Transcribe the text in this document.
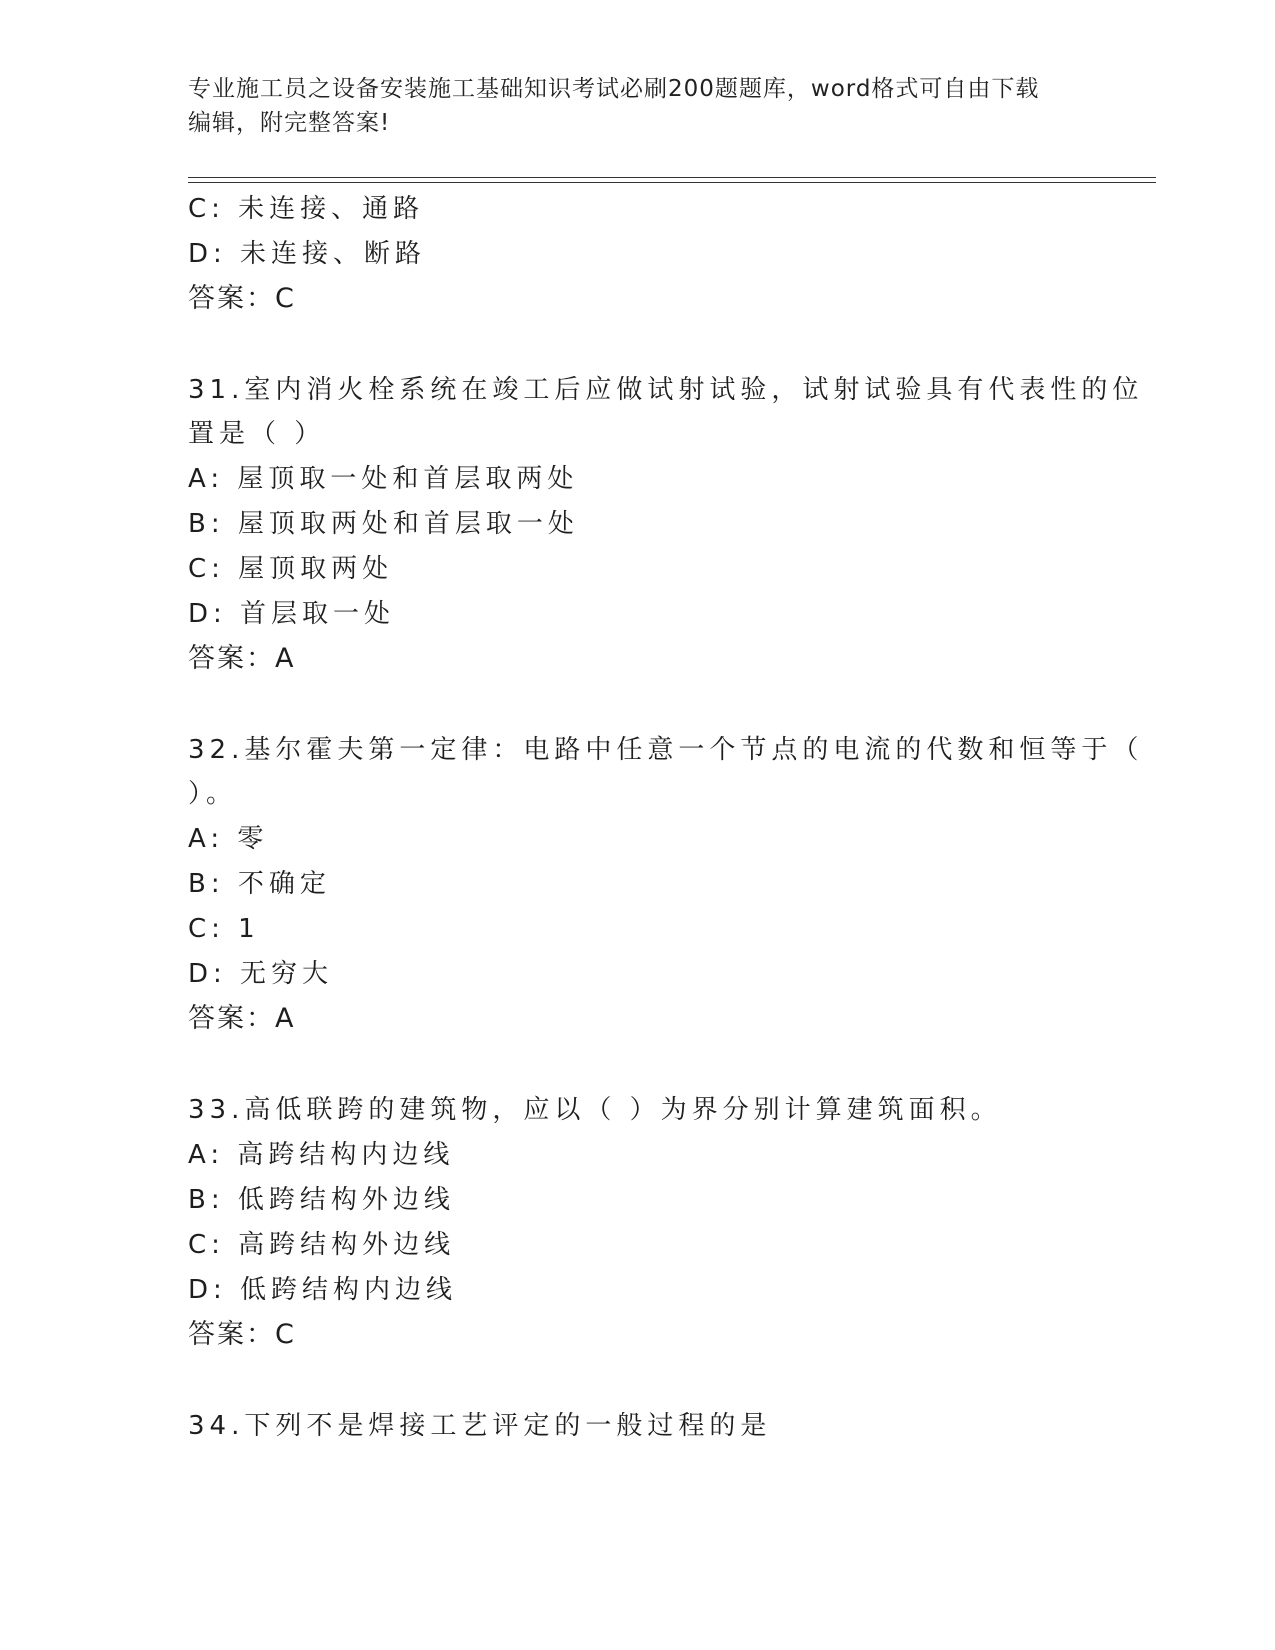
专业施工员之设备安装施工基础知识考试必刷200题题库，word格式可自由下载
编辑，附完整答案!
C: 未连接、通路
D: 未连接、断路
答案：C
31.室内消火栓系统在竣工后应做试射试验，试射试验具有代表性的位
置是（ ）
A: 屋顶取一处和首层取两处
B: 屋顶取两处和首层取一处
C: 屋顶取两处
D: 首层取一处
答案：A
32.基尔霍夫第一定律：电路中任意一个节点的电流的代数和恒等于（
）。
A: 零
B: 不确定
C: 1
D: 无穷大
答案：A
33.高低联跨的建筑物，应以（ ）为界分别计算建筑面积。
A: 高跨结构内边线
B: 低跨结构外边线
C: 高跨结构外边线
D: 低跨结构内边线
答案：C
34.下列不是焊接工艺评定的一般过程的是
